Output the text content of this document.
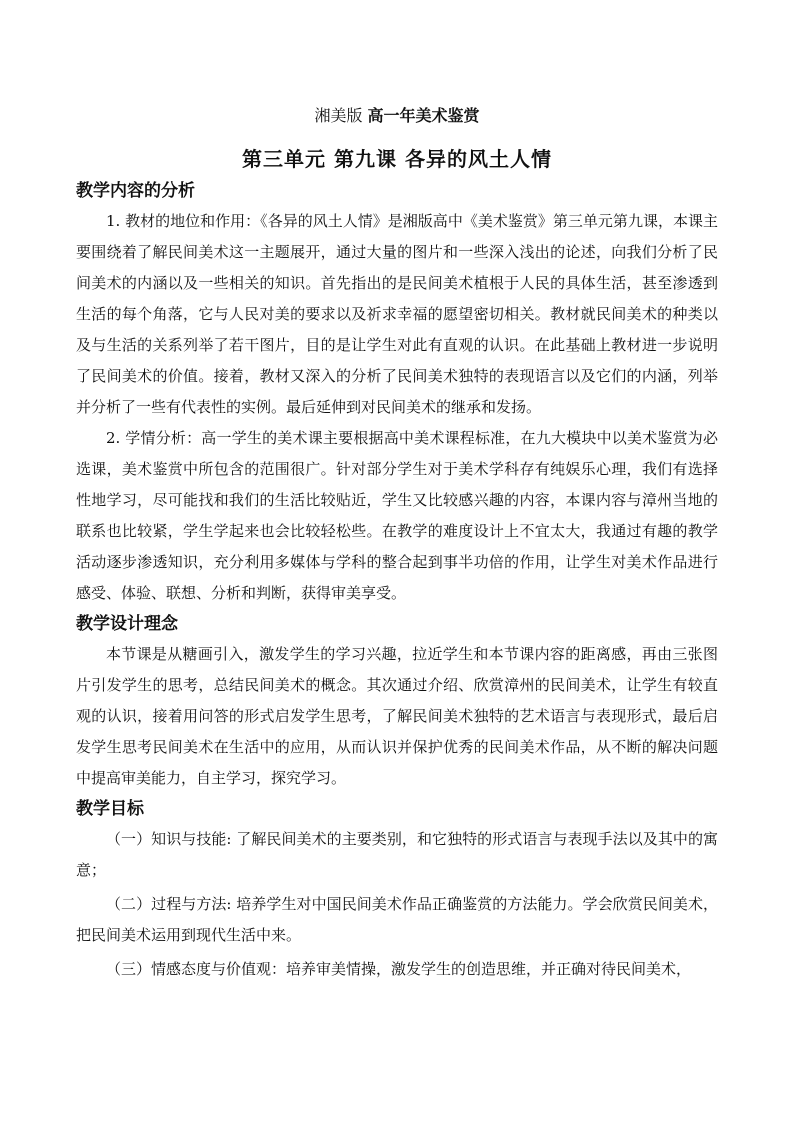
湘美版 高一年美术鉴赏
第三单元 第九课 各异的风土人情
教学内容的分析

1. 教材的地位和作用：《各异的风土人情》是湘版高中《美术鉴赏》第三单元第九课，本课主要围绕着了解民间美术这一主题展开，通过大量的图片和一些深入浅出的论述，向我们分析了民间美术的内涵以及一些相关的知识。首先指出的是民间美术植根于人民的具体生活，甚至渗透到生活的每个角落，它与人民对美的要求以及祈求幸福的愿望密切相关。教材就民间美术的种类以及与生活的关系列举了若干图片，目的是让学生对此有直观的认识。在此基础上教材进一步说明了民间美术的价值。接着，教材又深入的分析了民间美术独特的表现语言以及它们的内涵，列举并分析了一些有代表性的实例。最后延伸到对民间美术的继承和发扬。

2. 学情分析：高一学生的美术课主要根据高中美术课程标准，在九大模块中以美术鉴赏为必选课，美术鉴赏中所包含的范围很广。针对部分学生对于美术学科存有纯娱乐心理，我们有选择性地学习，尽可能找和我们的生活比较贴近，学生又比较感兴趣的内容，本课内容与漳州当地的联系也比较紧，学生学起来也会比较轻松些。在教学的难度设计上不宜太大，我通过有趣的教学活动逐步渗透知识，充分利用多媒体与学科的整合起到事半功倍的作用，让学生对美术作品进行感受、体验、联想、分析和判断，获得审美享受。

教学设计理念

本节课是从糖画引入，激发学生的学习兴趣，拉近学生和本节课内容的距离感，再由三张图片引发学生的思考，总结民间美术的概念。其次通过介绍、欣赏漳州的民间美术，让学生有较直观的认识，接着用问答的形式启发学生思考，了解民间美术独特的艺术语言与表现形式，最后启发学生思考民间美术在生活中的应用，从而认识并保护优秀的民间美术作品，从不断的解决问题中提高审美能力，自主学习，探究学习。

教学目标

（一）知识与技能: 了解民间美术的主要类别，和它独特的形式语言与表现手法以及其中的寓意；

（二）过程与方法: 培养学生对中国民间美术作品正确鉴赏的方法能力。学会欣赏民间美术，把民间美术运用到现代生活中来。

（三）情感态度与价值观：培养审美情操，激发学生的创造思维，并正确对待民间美术，
